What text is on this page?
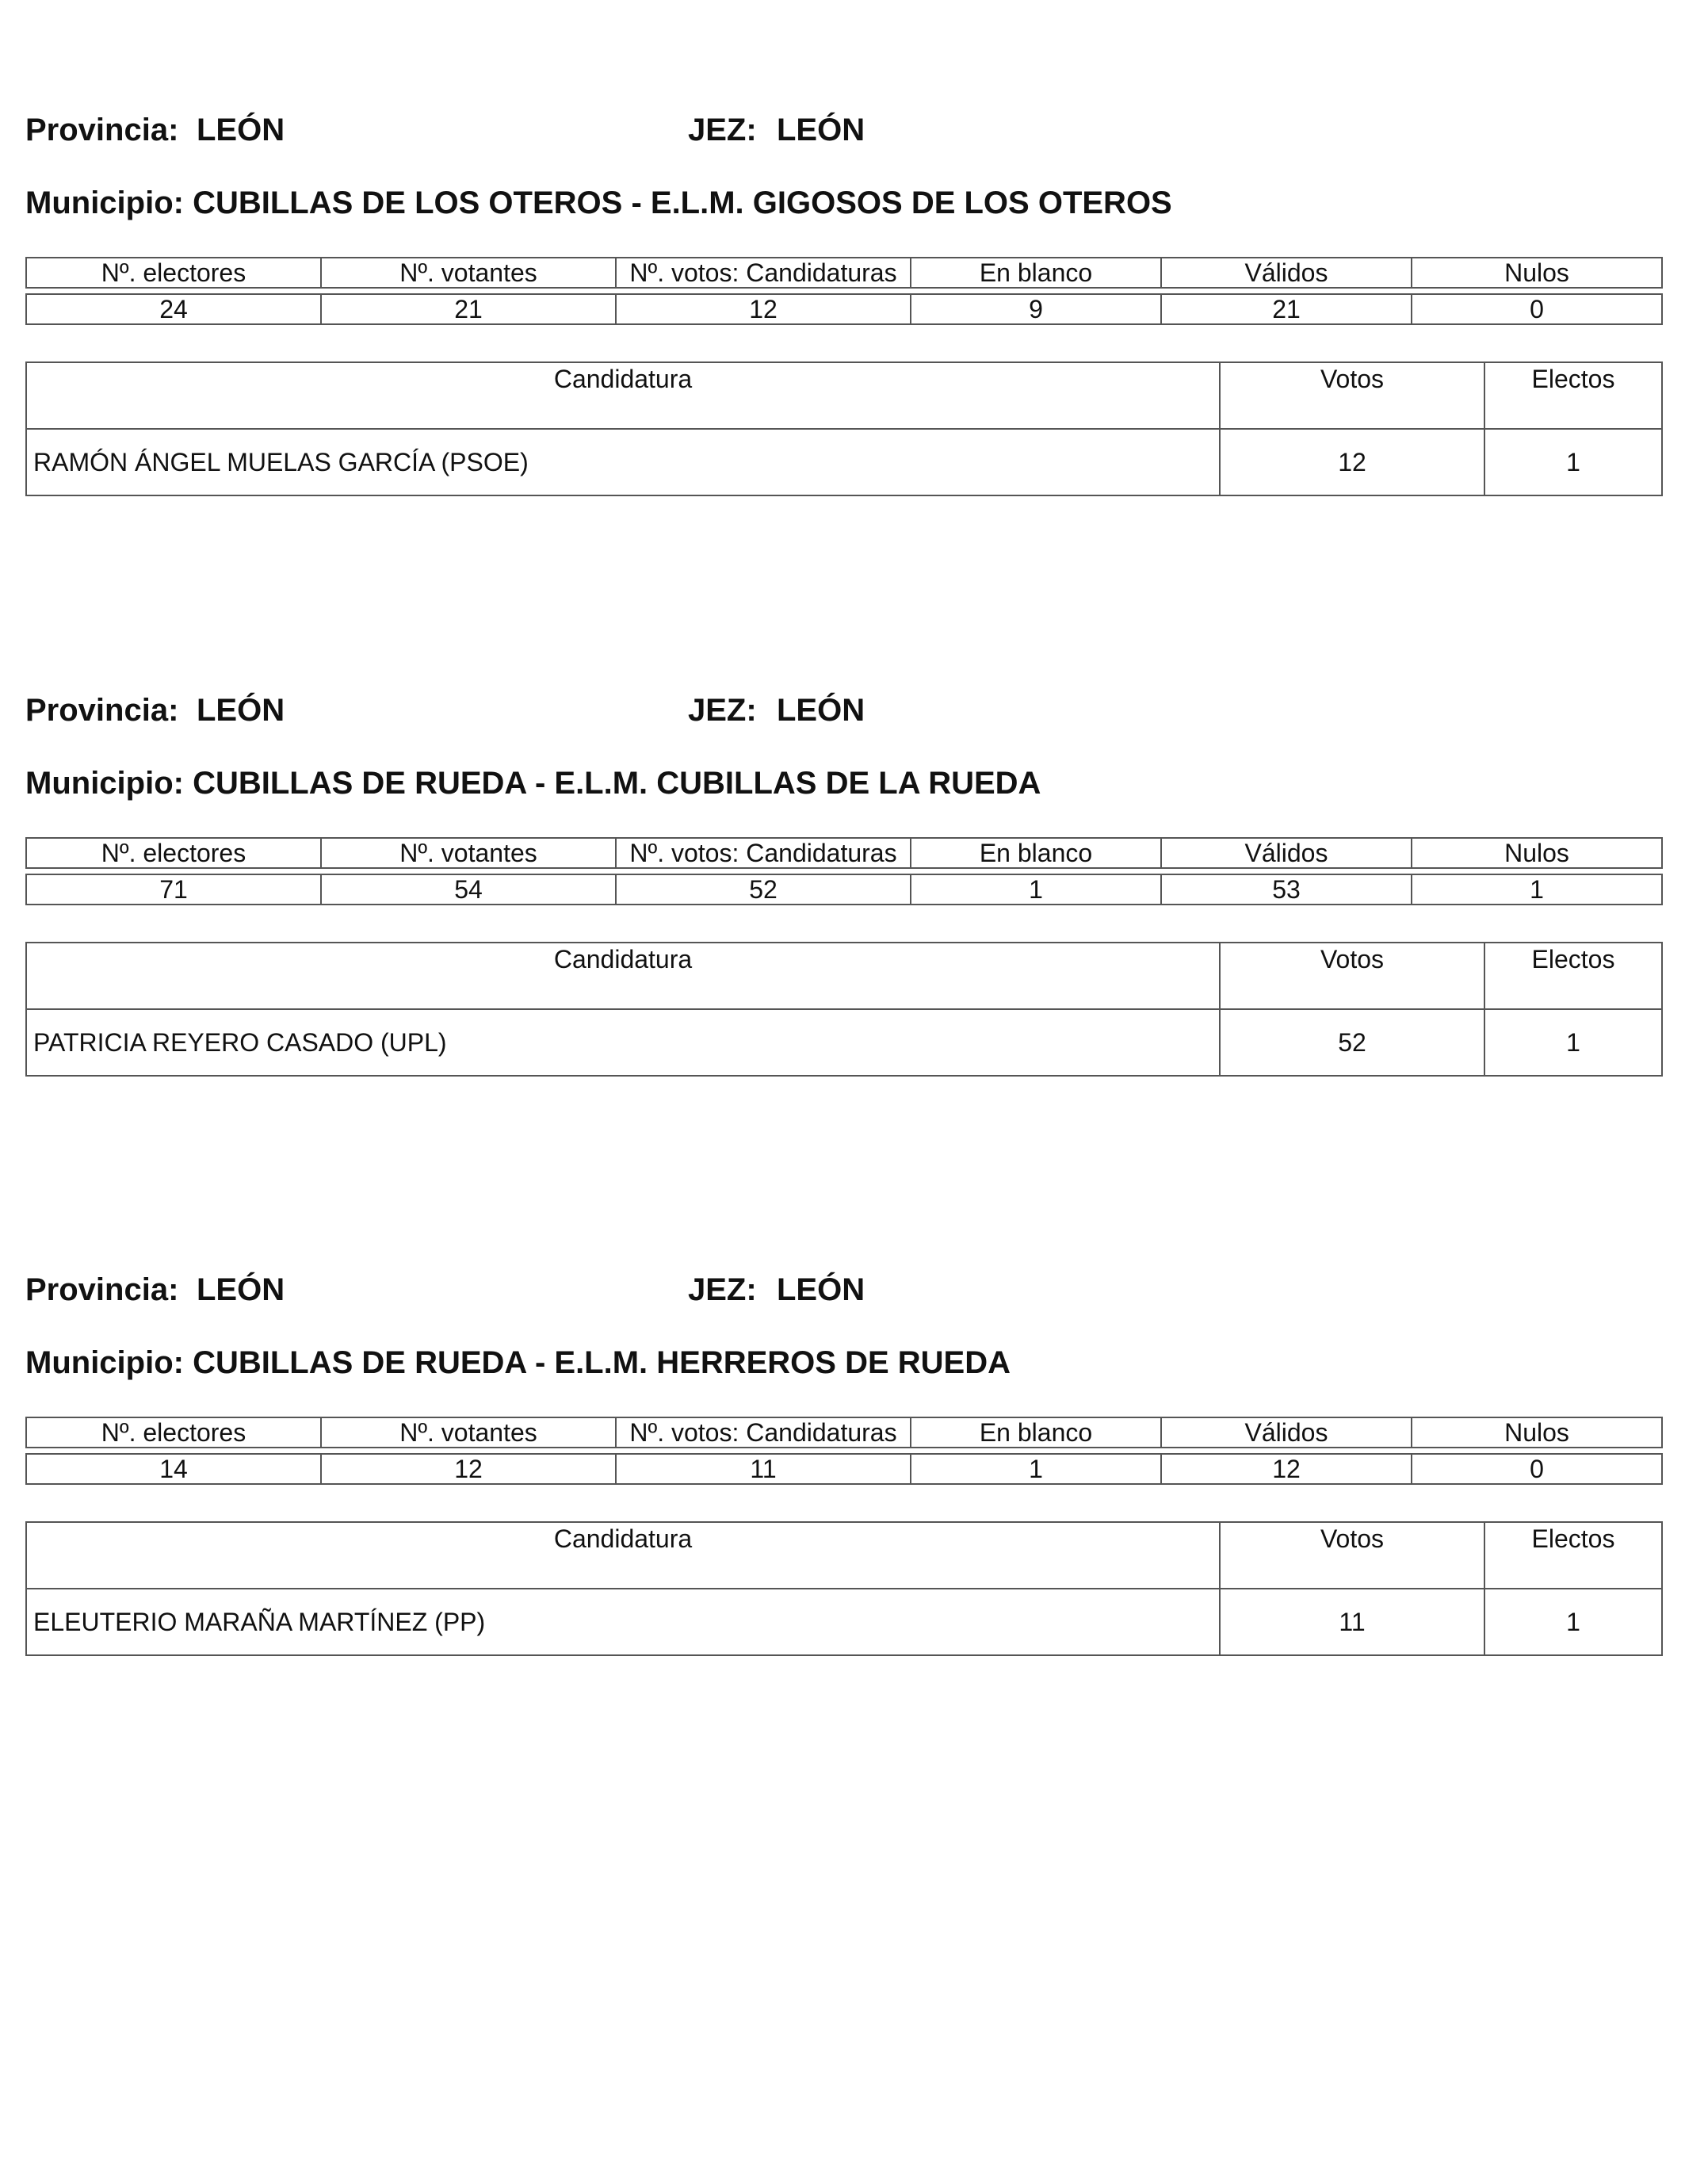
Provincia: LEÓN	JEZ: LEÓN
Municipio: CUBILLAS DE LOS OTEROS - E.L.M. GIGOSOS DE LOS OTEROS
Nº. electores	Nº. votantes	Nº. votos: Candidaturas	En blanco	Válidos	Nulos

24	21	12	9	21	0
Candidatura	Votos	Electos
RAMÓN ÁNGEL MUELAS GARCÍA (PSOE)	12	1
Provincia: LEÓN	JEZ: LEÓN
Municipio: CUBILLAS DE RUEDA - E.L.M. CUBILLAS DE LA RUEDA
Nº. electores	Nº. votantes	Nº. votos: Candidaturas	En blanco	Válidos	Nulos

71	54	52	1	53	1
Candidatura	Votos	Electos
PATRICIA REYERO CASADO (UPL)	52	1
Provincia: LEÓN	JEZ: LEÓN
Municipio: CUBILLAS DE RUEDA - E.L.M. HERREROS DE RUEDA
Nº. electores	Nº. votantes	Nº. votos: Candidaturas	En blanco	Válidos	Nulos

14	12	11	1	12	0
Candidatura	Votos	Electos
ELEUTERIO MARAÑA MARTÍNEZ (PP)	11	1
